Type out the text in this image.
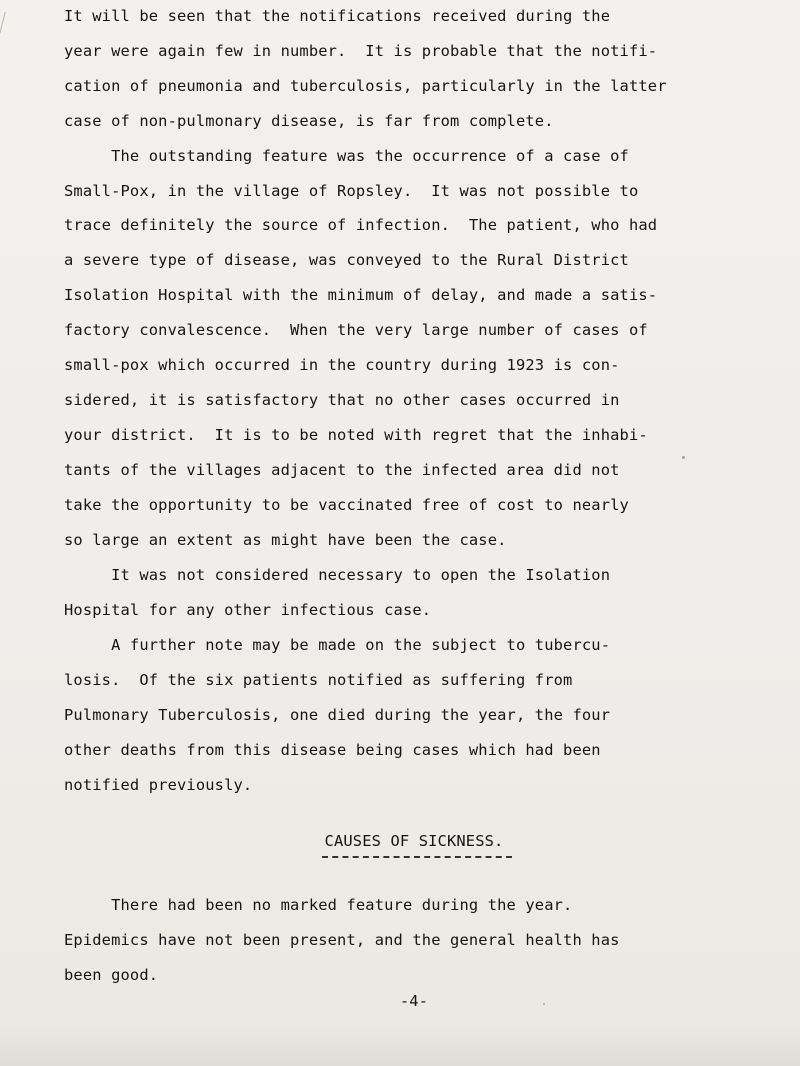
It will be seen that the notifications received during the
year were again few in number.  It is probable that the notifi-
cation of pneumonia and tuberculosis, particularly in the latter
case of non-pulmonary disease, is far from complete.
The outstanding feature was the occurrence of a case of
Small-Pox, in the village of Ropsley.  It was not possible to
trace definitely the source of infection.  The patient, who had
a severe type of disease, was conveyed to the Rural District
Isolation Hospital with the minimum of delay, and made a satis-
factory convalescence.  When the very large number of cases of
small-pox which occurred in the country during 1923 is con-
sidered, it is satisfactory that no other cases occurred in
your district.  It is to be noted with regret that the inhabi-
tants of the villages adjacent to the infected area did not
take the opportunity to be vaccinated free of cost to nearly
so large an extent as might have been the case.
It was not considered necessary to open the Isolation
Hospital for any other infectious case.
A further note may be made on the subject to tubercu-
losis.  Of the six patients notified as suffering from
Pulmonary Tuberculosis, one died during the year, the four
other deaths from this disease being cases which had been
notified previously.
CAUSES OF SICKNESS.
There had been no marked feature during the year.
Epidemics have not been present, and the general health has
been good.
-4-
